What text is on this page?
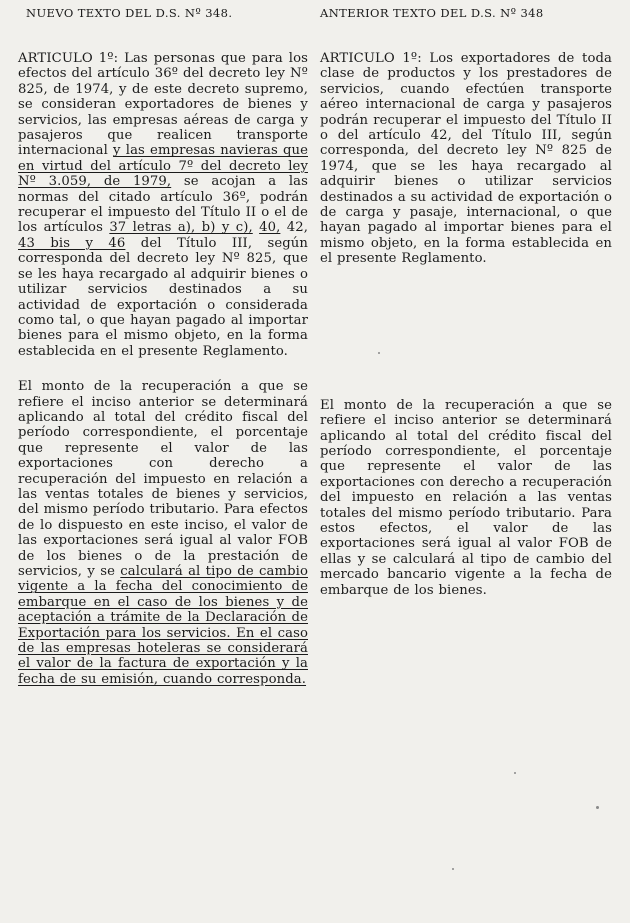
NUEVO TEXTO DEL D.S. Nº 348.

ARTICULO 1º: Las personas que para los efectos del artículo 36º del decreto ley Nº 825, de 1974, y de este decreto supremo, se consideran exportadores de bienes y servicios, las empresas aéreas de carga y pasajeros que realicen transporte internacional y las empresas navieras que en virtud del artículo 7º del decreto ley Nº 3.059, de 1979, se acojan a las normas del citado artículo 36º, podrán recuperar el impuesto del Título II o el de los artículos 37 letras a), b) y c), 40, 42, 43 bis y 46 del Título III, según corresponda del decreto ley Nº 825, que se les haya recargado al adquirir bienes o utilizar servicios destinados a su actividad de exportación o considerada como tal, o que hayan pagado al importar bienes para el mismo objeto, en la forma establecida en el presente Reglamento.

El monto de la recuperación a que se refiere el inciso anterior se determinará aplicando al total del crédito fiscal del período correspondiente, el porcentaje que represente el valor de las exportaciones con derecho a recuperación del impuesto en relación a las ventas totales de bienes y servicios, del mismo período tributario. Para efectos de lo dispuesto en este inciso, el valor de las exportaciones será igual al valor FOB de los bienes o de la prestación de servicios, y se calculará al tipo de cambio vigente a la fecha del conocimiento de embarque en el caso de los bienes y de aceptación a trámite de la Declaración de Exportación para los servicios. En el caso de las empresas hoteleras se considerará el valor de la factura de exportación y la fecha de su emisión, cuando corresponda.

ANTERIOR TEXTO DEL D.S. Nº 348

ARTICULO 1º: Los exportadores de toda clase de productos y los prestadores de servicios, cuando efectúen transporte aéreo internacional de carga y pasajeros podrán recuperar el impuesto del Título II o del artículo 42, del Título III, según corresponda, del decreto ley Nº 825 de 1974, que se les haya recargado al adquirir bienes o utilizar servicios destinados a su actividad de exportación o de carga y pasaje, internacional, o que hayan pagado al importar bienes para el mismo objeto, en la forma establecida en el presente Reglamento.

El monto de la recuperación a que se refiere el inciso anterior se determinará aplicando al total del crédito fiscal del período correspondiente, el porcentaje que represente el valor de las exportaciones con derecho a recuperación del impuesto en relación a las ventas totales del mismo período tributario. Para estos efectos, el valor de las exportaciones será igual al valor FOB de ellas y se calculará al tipo de cambio del mercado bancario vigente a la fecha de embarque de los bienes.
